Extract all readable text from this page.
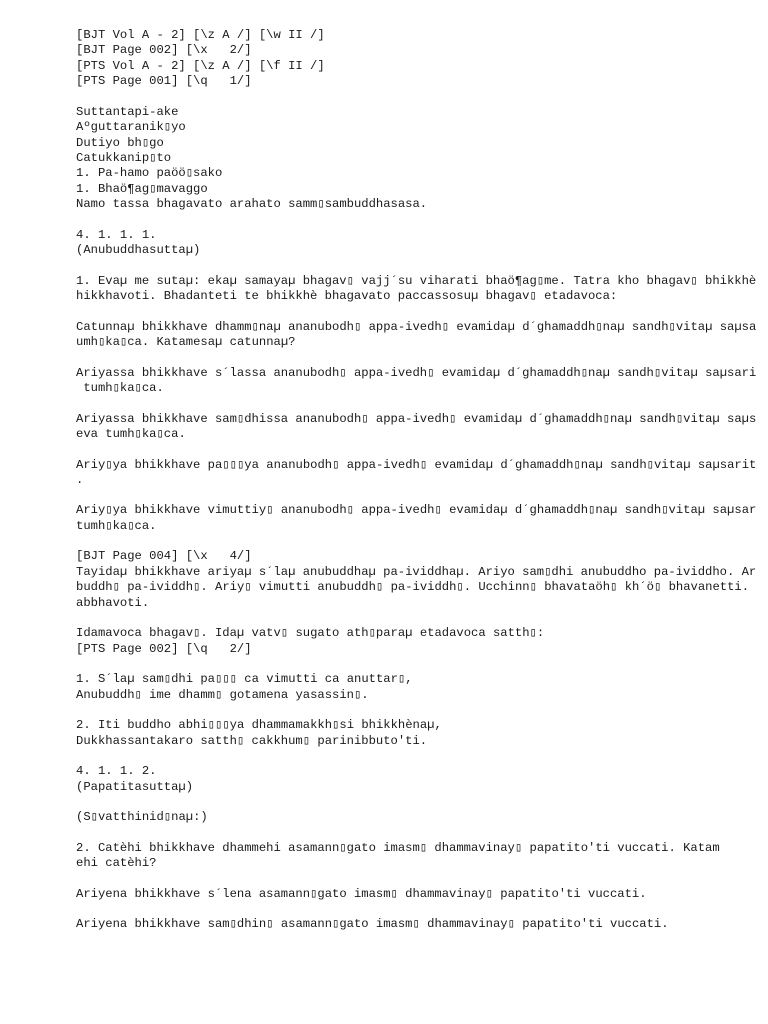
[BJT Vol A - 2] [\z A /] [\w II /]
[BJT Page 002] [\x   2/]
[PTS Vol A - 2] [\z A /] [\f II /]
[PTS Page 001] [\q   1/]
Suttantapi-ake
Aºguttaranik▯yo
Dutiyo bh▯go
Catukkanip▯to
1. Pa-hamo paöö▯sako
1. Bhaö¶ag▯mavaggo
Namo tassa bhagavato arahato samm▯sambuddhasasa.
4. 1. 1. 1.
(Anubuddhasuttaµ)
1. Evaµ me sutaµ: ekaµ samayaµ bhagav▯ vajj´su viharati bhaö¶ag▯me. Tatra kho bhagav▯ bhikkhè
hikkhavoti. Bhadanteti te bhikkhè bhagavato paccassosuµ bhagav▯ etadavoca:
Catunnaµ bhikkhave dhamm▯naµ ananubodh▯ appa-ivedh▯ evamidaµ d´ghamaddh▯naµ sandh▯vitaµ saµsa
umh▯ka▯ca. Katamesaµ catunnaµ?
Ariyassa bhikkhave s´lassa ananubodh▯ appa-ivedh▯ evamidaµ d´ghamaddh▯naµ sandh▯vitaµ saµsari
tumh▯ka▯ca.
Ariyassa bhikkhave sam▯dhissa ananubodh▯ appa-ivedh▯ evamidaµ d´ghamaddh▯naµ sandh▯vitaµ saµs
eva tumh▯ka▯ca.
Ariy▯ya bhikkhave pa▯▯▯ya ananubodh▯ appa-ivedh▯ evamidaµ d´ghamaddh▯naµ sandh▯vitaµ saµsarit
.
Ariy▯ya bhikkhave vimuttiy▯ ananubodh▯ appa-ivedh▯ evamidaµ d´ghamaddh▯naµ sandh▯vitaµ saµsar
tumh▯ka▯ca.
[BJT Page 004] [\x   4/]
Tayidaµ bhikkhave ariyaµ s´laµ anubuddhaµ pa-ividdhaµ. Ariyo sam▯dhi anubuddho pa-ividdho. Ar
buddh▯ pa-ividdh▯. Ariy▯ vimutti anubuddh▯ pa-ividdh▯. Ucchinn▯ bhavataöh▯ kh´ö▯ bhavanetti.
abbhavoti.
Idamavoca bhagav▯. Idaµ vatv▯ sugato ath▯paraµ etadavoca satth▯:
[PTS Page 002] [\q   2/]
1. S´laµ sam▯dhi pa▯▯▯ ca vimutti ca anuttar▯,
Anubuddh▯ ime dhamm▯ gotamena yasassin▯.
2. Iti buddho abhi▯▯▯ya dhammamakkh▯si bhikkhènaµ,
Dukkhassantakaro satth▯ cakkhum▯ parinibbuto'ti.
4. 1. 1. 2.
(Papatitasuttaµ)
(S▯vatthinid▯naµ:)
2. Catèhi bhikkhave dhammehi asamann▯gato imasm▯ dhammavinay▯ papatito'ti vuccati. Katam
ehi catèhi?
Ariyena bhikkhave s´lena asamann▯gato imasm▯ dhammavinay▯ papatito'ti vuccati.
Ariyena bhikkhave sam▯dhin▯ asamann▯gato imasm▯ dhammavinay▯ papatito'ti vuccati.
